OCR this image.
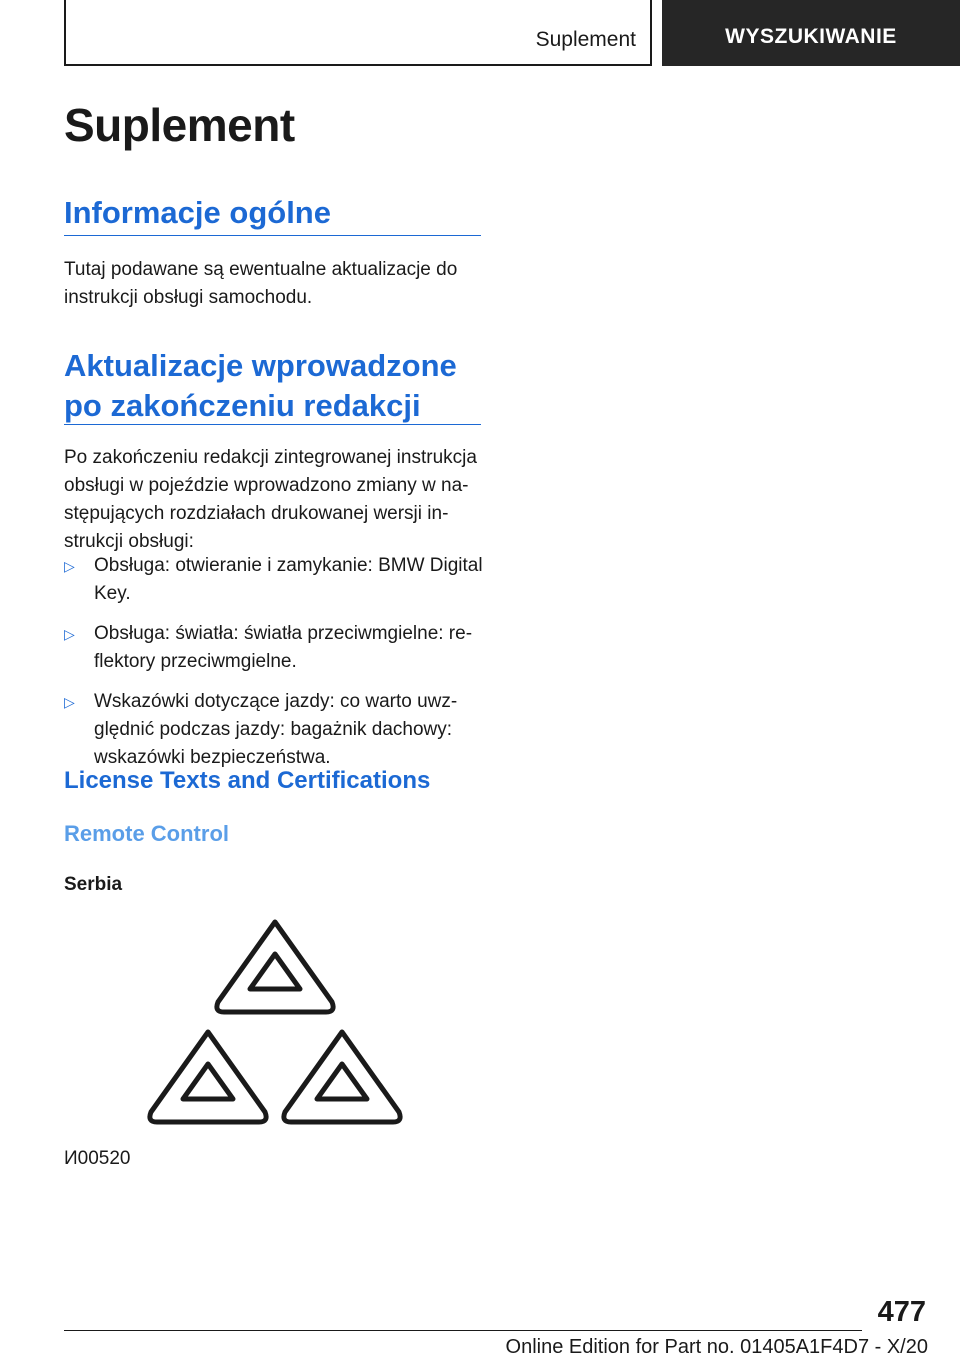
Suplement	WYSZUKIWANIE
Suplement
Informacje ogólne

Tutaj podawane są ewentualne aktualizacje do instrukcji obsługi samochodu.

Aktualizacje wprowadzone po zakończeniu redakcji

Po zakończeniu redakcji zintegrowanej instrukcja obsługi w pojeździe wprowadzono zmiany w na-stępujących rozdziałach drukowanej wersji in-strukcji obsługi:

▷ Obsługa: otwieranie i zamykanie: BMW Digital Key.
▷ Obsługa: światła: światła przeciwmgielne: re-flektory przeciwmgielne.
▷ Wskazówki dotyczące jazdy: co warto uwz-ględnić podczas jazdy: bagażnik dachowy: wskazówki bezpieczeństwa.
License Texts and Certifications
Remote Control
Serbia
И00520
477
Online Edition for Part no. 01405A1F4D7 - X/20
